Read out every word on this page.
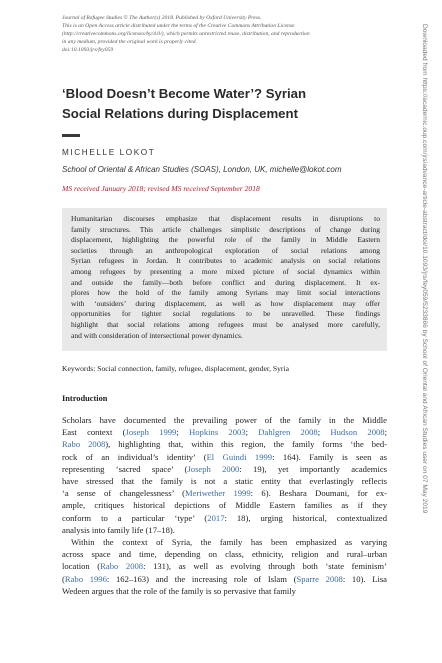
Journal of Refugee Studies © The Author(s) 2018. Published by Oxford University Press.
This is an Open Access article distributed under the terms of the Creative Commons Attribution License
(http://creativecommons.org/licenses/by/4.0/), which permits unrestricted reuse, distribution, and reproduction
in any medium, provided the original work is properly cited.
doi:10.1093/jrs/fey059
‘Blood Doesn’t Become Water’? Syrian
Social Relations during Displacement
MICHELLE LOKOT
School of Oriental & African Studies (SOAS), London, UK, michelle@lokot.com
MS received January 2018; revised MS received September 2018
Humanitarian discourses emphasize that displacement results in disruptions to
family structures. This article challenges simplistic descriptions of change during
displacement, highlighting the powerful role of the family in Middle Eastern
societies through an anthropological exploration of social relations among
Syrian refugees in Jordan. It contributes to academic analysis on social relations
among refugees by presenting a more mixed picture of social dynamics within
and outside the family—both before conflict and during displacement. It ex-
plores how the hold of the family among Syrians may limit social interactions
with ‘outsiders’ during displacement, as well as how displacement may offer
opportunities for tighter social regulations to be unravelled. These findings
highlight that social relations among refugees must be analysed more carefully,
and with consideration of intersectional power dynamics.
Keywords: Social connection, family, refugee, displacement, gender, Syria
Introduction
Scholars have documented the prevailing power of the family in the Middle
East context (Joseph 1999; Hopkins 2003; Dahlgren 2008; Hudson 2008;
Rabo 2008), highlighting that, within this region, the family forms ‘the bed-
rock of an individual’s identity’ (El Guindi 1999: 164). Family is seen as
representing ‘sacred space’ (Joseph 2000: 19), yet importantly academics
have stressed that the family is not a static entity that everlastingly reflects
‘a sense of changelessness’ (Meriwether 1999: 6). Beshara Doumani, for ex-
ample, critiques historical depictions of Middle Eastern families as if they
conform to a particular ‘type’ (2017: 18), urging historical, contextualized
analysis into family life (17–18).
Within the context of Syria, the family has been emphasized as varying
across space and time, depending on class, ethnicity, religion and rural–urban
location (Rabo 2008: 131), as well as evolving through both ‘state feminism’
(Rabo 1996: 162–163) and the increasing role of Islam (Sparre 2008: 10). Lisa
Wedeen argues that the role of the family is so pervasive that family
Downloaded from https://academic.oup.com/jrs/advance-article-abstract/doi/10.1093/jrs/fey059/5233866 by School of Oriental and African Studies user on 07 May 2019
